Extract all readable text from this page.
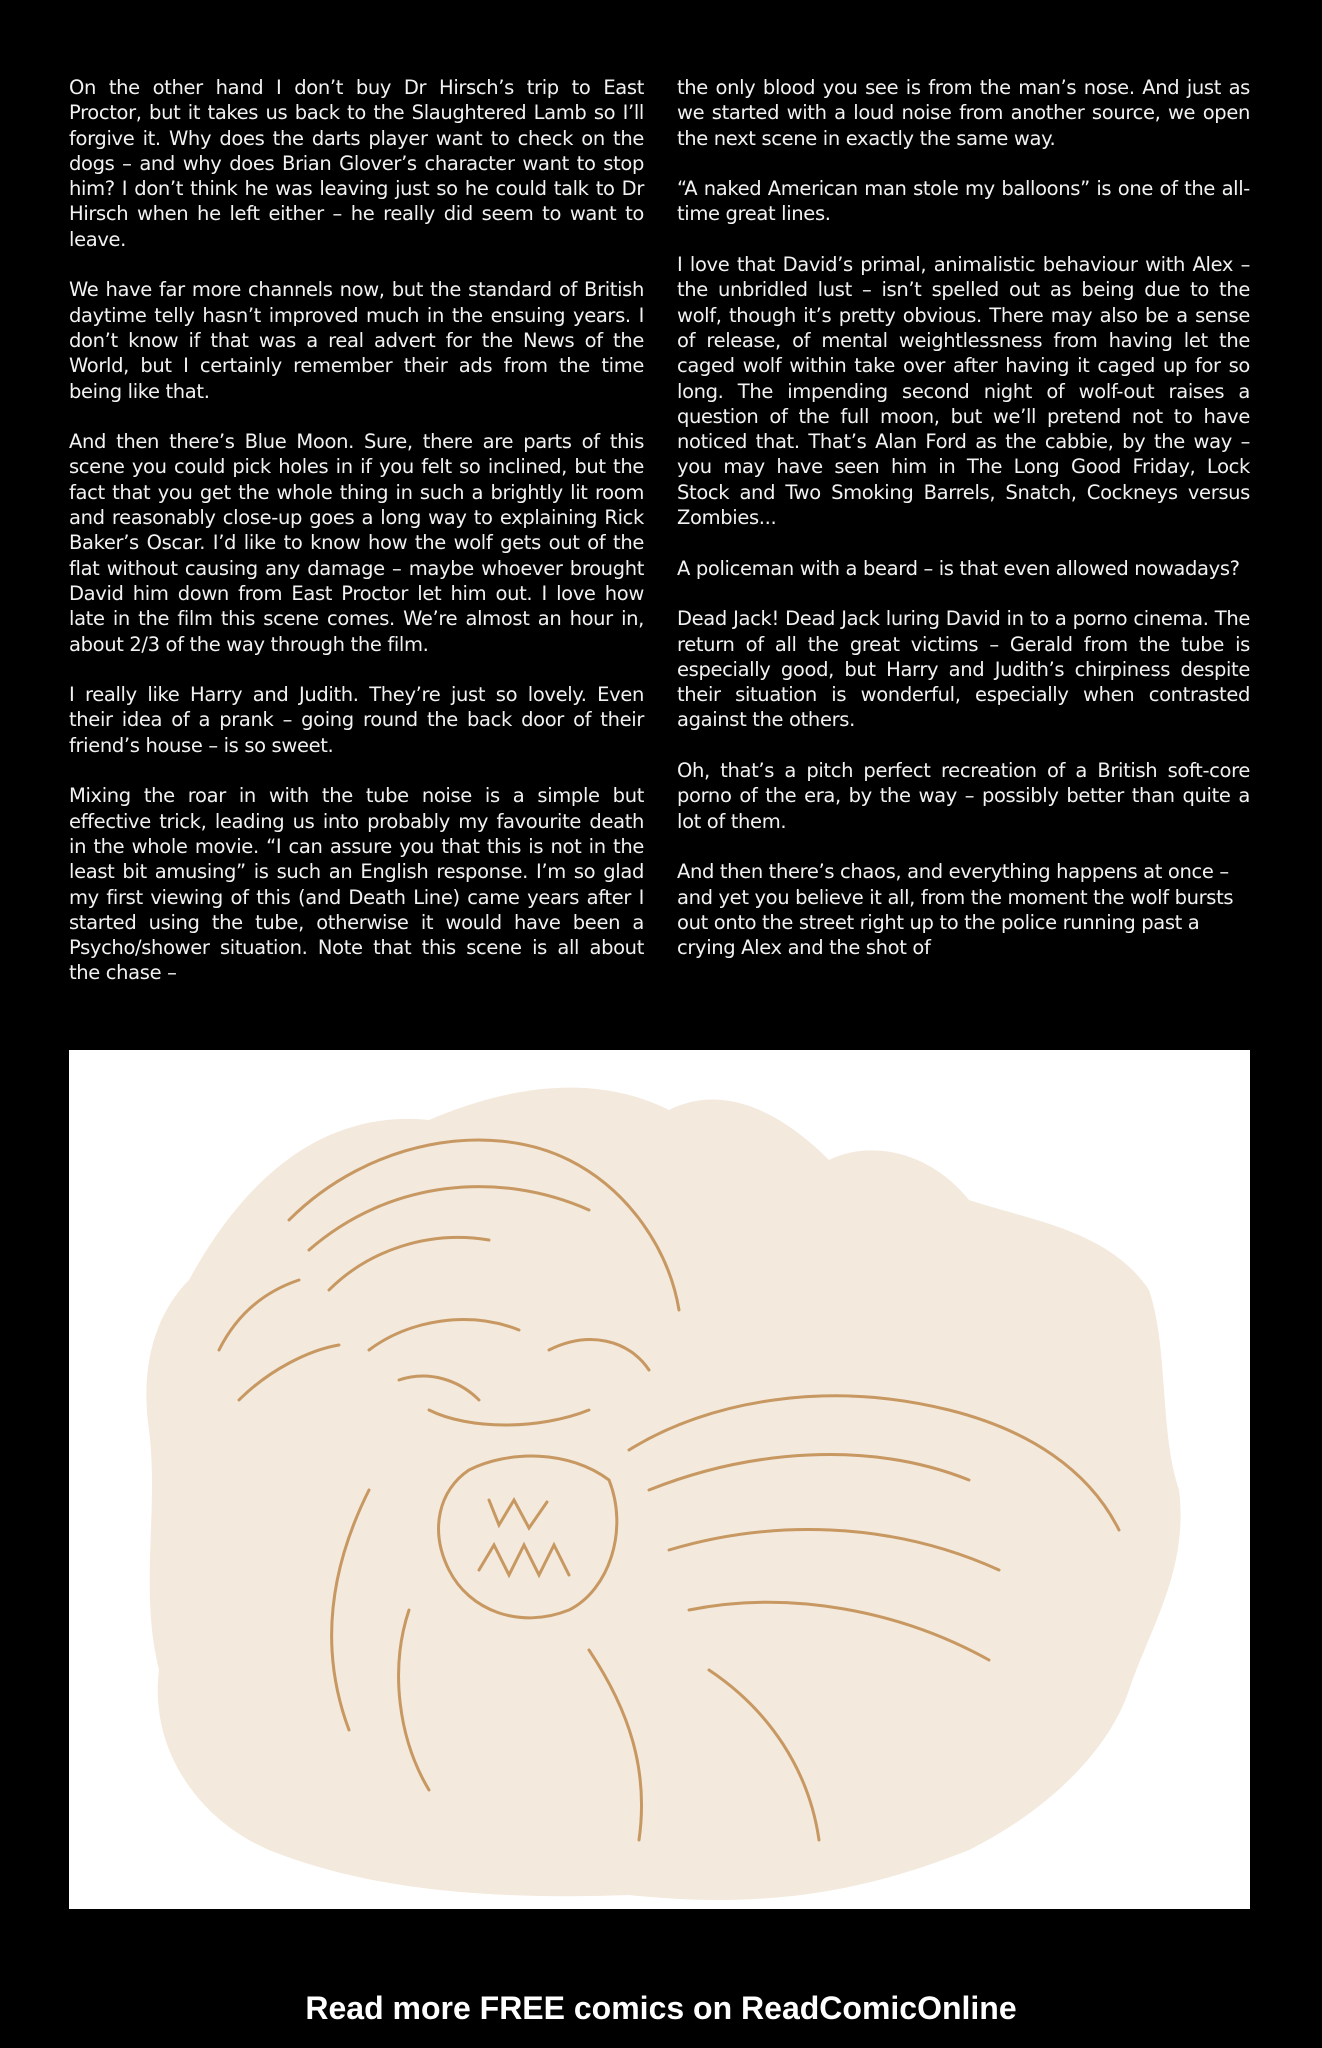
On the other hand I don’t buy Dr Hirsch’s trip to East Proctor, but it takes us back to the Slaughtered Lamb so I’ll forgive it. Why does the darts player want to check on the dogs – and why does Brian Glover’s character want to stop him? I don’t think he was leaving just so he could talk to Dr Hirsch when he left either – he really did seem to want to leave.

We have far more channels now, but the standard of British daytime telly hasn’t improved much in the ensuing years. I don’t know if that was a real advert for the News of the World, but I certainly remember their ads from the time being like that.

And then there’s Blue Moon. Sure, there are parts of this scene you could pick holes in if you felt so inclined, but the fact that you get the whole thing in such a brightly lit room and reasonably close-up goes a long way to explaining Rick Baker’s Oscar. I’d like to know how the wolf gets out of the flat without causing any damage – maybe whoever brought David him down from East Proctor let him out. I love how late in the film this scene comes. We’re almost an hour in, about 2/3 of the way through the film.

I really like Harry and Judith. They’re just so lovely. Even their idea of a prank – going round the back door of their friend’s house – is so sweet.

Mixing the roar in with the tube noise is a simple but effective trick, leading us into probably my favourite death in the whole movie. “I can assure you that this is not in the least bit amusing” is such an English response. I’m so glad my first viewing of this (and Death Line) came years after I started using the tube, otherwise it would have been a Psycho/shower situation. Note that this scene is all about the chase –

the only blood you see is from the man’s nose. And just as we started with a loud noise from another source, we open the next scene in exactly the same way.

“A naked American man stole my balloons” is one of the all-time great lines.

I love that David’s primal, animalistic behaviour with Alex – the unbridled lust – isn’t spelled out as being due to the wolf, though it’s pretty obvious. There may also be a sense of release, of mental weightlessness from having let the caged wolf within take over after having it caged up for so long. The impending second night of wolf-out raises a question of the full moon, but we’ll pretend not to have noticed that. That’s Alan Ford as the cabbie, by the way – you may have seen him in The Long Good Friday, Lock Stock and Two Smoking Barrels, Snatch, Cockneys versus Zombies...

A policeman with a beard – is that even allowed nowadays?

Dead Jack! Dead Jack luring David in to a porno cinema. The return of all the great victims – Gerald from the tube is especially good, but Harry and Judith’s chirpiness despite their situation is wonderful, especially when contrasted against the others.

Oh, that’s a pitch perfect recreation of a British soft-core porno of the era, by the way – possibly better than quite a lot of them.

And then there’s chaos, and everything happens at once – and yet you believe it all, from the moment the wolf bursts out onto the street right up to the police running past a crying Alex and the shot of

Read more FREE comics on ReadComicOnline
